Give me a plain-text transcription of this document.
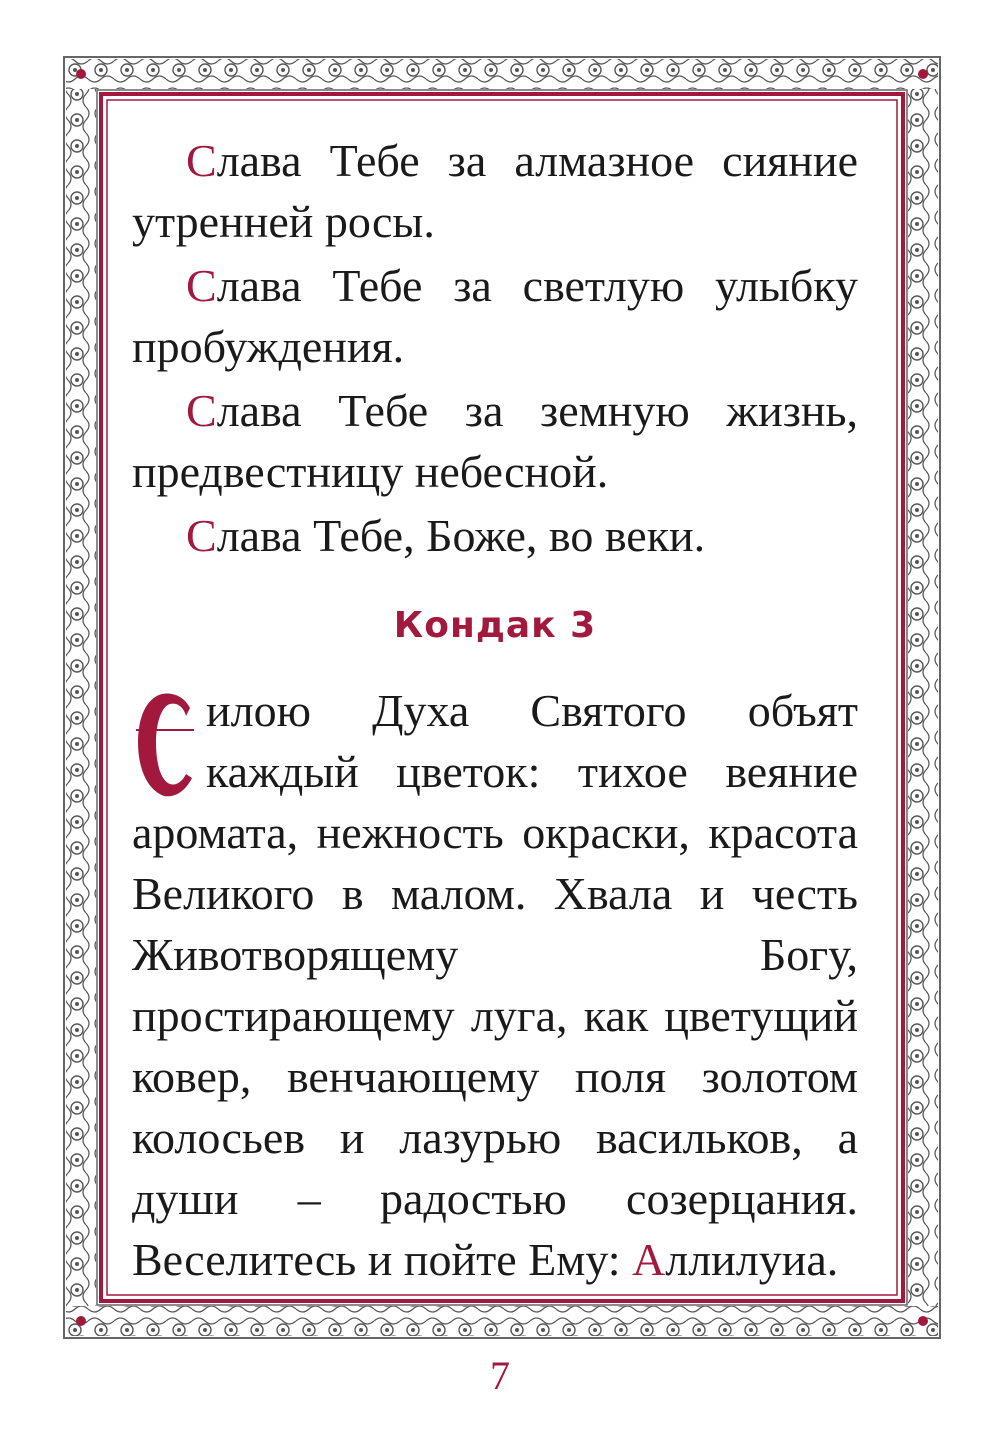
Слава Тебе за алмазное сияние утренней росы.

Слава Тебе за светлую улыбку пробуждения.

Слава Тебе за земную жизнь, предвестницу небесной.

Слава Тебе, Боже, во веки.

Кондак 3

илою Духа Святого объят каждый цветок: тихое веяние аромата, нежность окраски, красота Великого в малом. Хвала и честь Животворящему Богу, простирающему луга, как цветущий ковер, венчающему поля золотом колосьев и лазурью васильков, а души – радостью созерцания. Веселитесь и пойте Ему: Аллилуиа.

7
